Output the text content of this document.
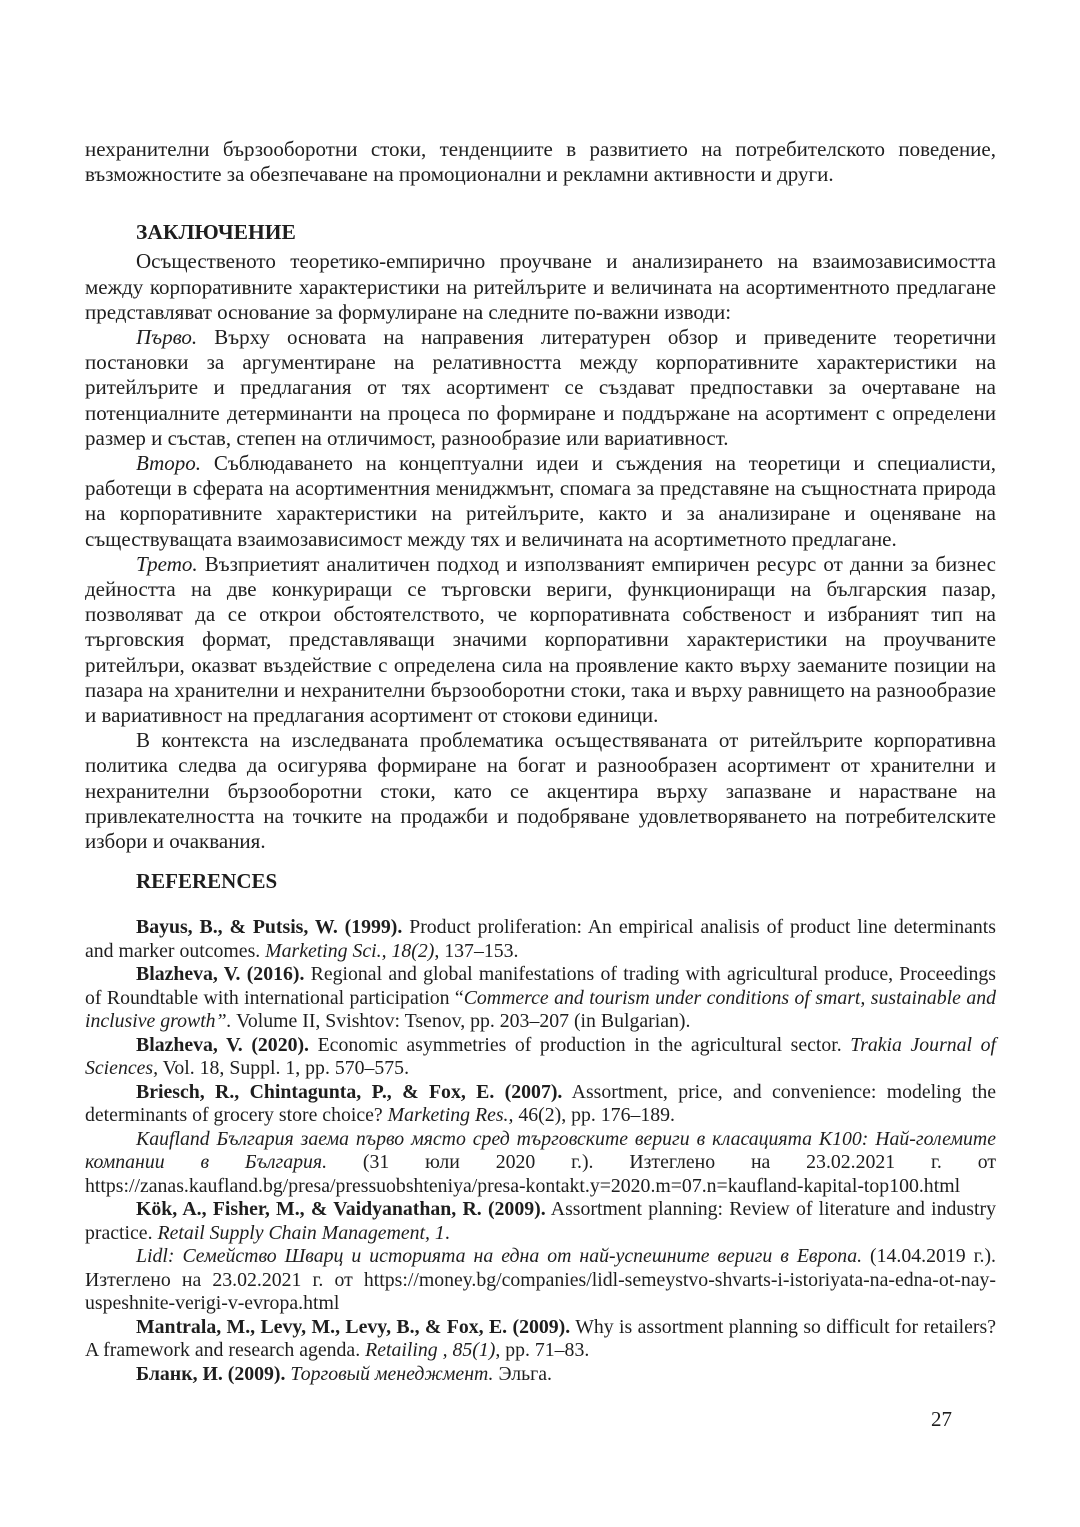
нехранителни бързооборотни стоки, тенденциите в развитието на потребителското поведение, възможностите за обезпечаване на промоционални и рекламни активности и други.

ЗАКЛЮЧЕНИЕ

Осъщественото теоретико-емпирично проучване и анализирането на взаимозависимостта между корпоративните характеристики на ритейлърите и величината на асортиментното предлагане представляват основание за формулиране на следните по-важни изводи:

Първо. Върху основата на направения литературен обзор и приведените теоретични постановки за аргументиране на релативността между корпоративните характеристики на ритейлърите и предлагания от тях асортимент се създават предпоставки за очертаване на потенциалните детерминанти на процеса по формиране и поддържане на асортимент с определени размер и състав, степен на отличимост, разнообразие или вариативност.

Второ. Съблюдаването на концептуални идеи и съждения на теоретици и специалисти, работещи в сферата на асортиментния мениджмънт, спомага за представяне на същностната природа на корпоративните характеристики на ритейлърите, както и за анализиране и оценяване на съществуващата взаимозависимост между тях и величината на асортиметното предлагане.

Трето. Възприетият аналитичен подход и използваният емпиричен ресурс от данни за бизнес дейността на две конкуриращи се търговски вериги, функциониращи на българския пазар, позволяват да се открои обстоятелството, че корпоративната собственост и избраният тип на търговския формат, представляващи значими корпоративни характеристики на проучваните ритейлъри, оказват въздействие с определена сила на проявление както върху заеманите позиции на пазара на хранителни и нехранителни бързооборотни стоки, така и върху равнището на разнообразие и вариативност на предлагания асортимент от стокови единици.

В контекста на изследваната проблематика осъществяваната от ритейлърите корпоративна политика следва да осигурява формиране на богат и разнообразен асортимент от хранителни и нехранителни бързооборотни стоки, като се акцентира върху запазване и нарастване на привлекателността на точките на продажби и подобряване удовлетворяването на потребителските избори и очаквания.

REFERENCES

Bayus, B., & Putsis, W. (1999). Product proliferation: An empirical analisis of product line determinants and marker outcomes. Marketing Sci., 18(2), 137–153.

Blazheva, V. (2016). Regional and global manifestations of trading with agricultural produce, Proceedings of Roundtable with international participation “Commerce and tourism under conditions of smart, sustainable and inclusive growth”. Volume II, Svishtov: Tsenov, pp. 203–207 (in Bulgarian).

Blazheva, V. (2020). Economic asymmetries of production in the agricultural sector. Trakia Journal of Sciences, Vol. 18, Suppl. 1, pp. 570–575.

Briesch, R., Chintagunta, P., & Fox, E. (2007). Assortment, price, and convenience: modeling the determinants of grocery store choice? Marketing Res., 46(2), pp. 176–189.

Kaufland България заема първо място сред търговските вериги в класацията К100: Най-големите компании в България. (31 юли 2020 г.). Изтеглено на 23.02.2021 г. от https://zanas.kaufland.bg/presa/pressuobshteniya/presa-kontakt.y=2020.m=07.n=kaufland-kapital-top100.html

Kök, A., Fisher, M., & Vaidyanathan, R. (2009). Assortment planning: Review of literature and industry practice. Retail Supply Chain Management, 1.

Lidl: Семейство Шварц и историята на една от най-успешните вериги в Европа. (14.04.2019 г.). Изтеглено на 23.02.2021 г. от https://money.bg/companies/lidl-semeystvo-shvarts-i-istoriyata-na-edna-ot-nay-uspeshnite-verigi-v-evropa.html

Mantrala, M., Levy, M., Levy, B., & Fox, E. (2009). Why is assortment planning so difficult for retailers? A framework and research agenda. Retailing , 85(1), pp. 71–83.

Бланк, И. (2009). Торговый менеджмент. Эльга.

27
